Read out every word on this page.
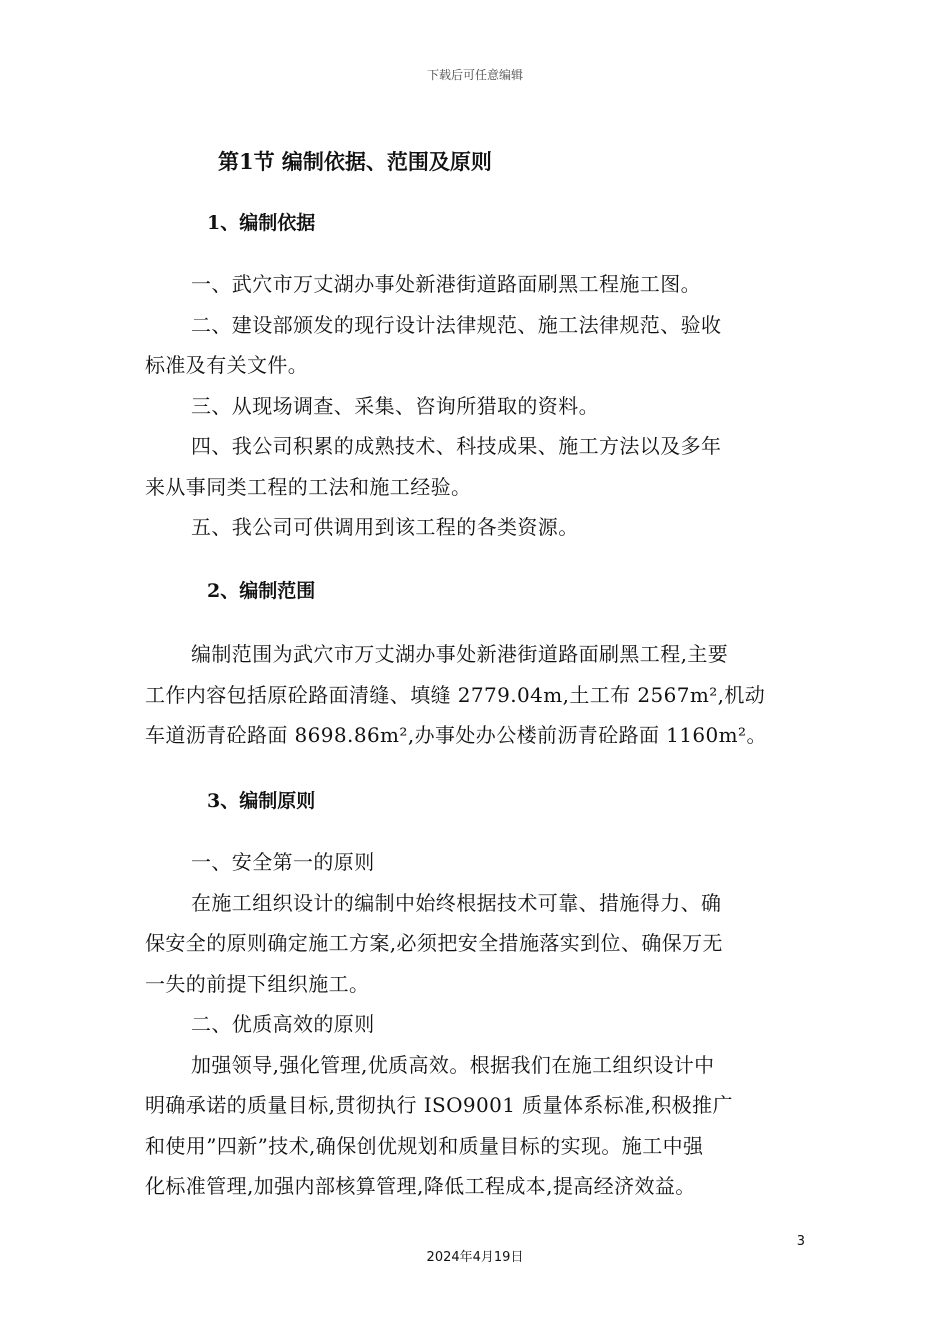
下载后可任意编辑
第1节 编制依据、范围及原则
1、编制依据
一、武穴市万丈湖办事处新港街道路面刷黑工程施工图。
二、建设部颁发的现行设计法律规范、施工法律规范、验收
标准及有关文件。
三、从现场调查、采集、咨询所猎取的资料。
四、我公司积累的成熟技术、科技成果、施工方法以及多年
来从事同类工程的工法和施工经验。
五、我公司可供调用到该工程的各类资源。
2、编制范围
编制范围为武穴市万丈湖办事处新港街道路面刷黑工程,主要
工作内容包括原砼路面清缝、填缝 2779.04m,土工布 2567m²,机动
车道沥青砼路面 8698.86m²,办事处办公楼前沥青砼路面 1160m²。
3、编制原则
一、安全第一的原则
在施工组织设计的编制中始终根据技术可靠、措施得力、确
保安全的原则确定施工方案,必须把安全措施落实到位、确保万无
一失的前提下组织施工。
二、优质高效的原则
加强领导,强化管理,优质高效。根据我们在施工组织设计中
明确承诺的质量目标,贯彻执行 ISO9001 质量体系标准,积极推广
和使用”四新”技术,确保创优规划和质量目标的实现。施工中强
化标准管理,加强内部核算管理,降低工程成本,提高经济效益。
3
2024年4月19日
